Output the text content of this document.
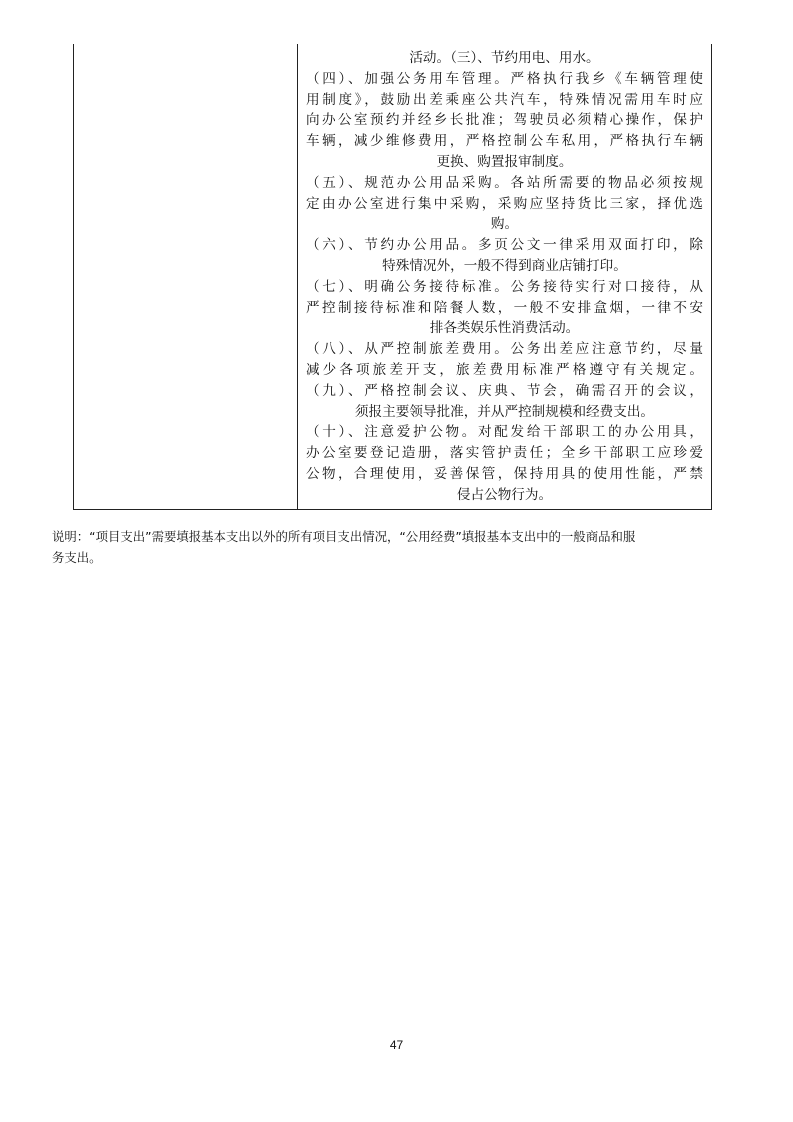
活动。（三）、节约用电、用水。
（四）、加强公务用车管理。严格执行我乡《车辆管理使
用制度》，鼓励出差乘座公共汽车，特殊情况需用车时应
向办公室预约并经乡长批准；驾驶员必须精心操作，保护
车辆，减少维修费用，严格控制公车私用，严格执行车辆
更换、购置报审制度。
（五）、规范办公用品采购。各站所需要的物品必须按规
定由办公室进行集中采购，采购应坚持货比三家，择优选
购。
（六）、节约办公用品。多页公文一律采用双面打印，除
特殊情况外，一般不得到商业店铺打印。
（七）、明确公务接待标准。公务接待实行对口接待，从
严控制接待标准和陪餐人数，一般不安排盒烟，一律不安
排各类娱乐性消费活动。
（八）、从严控制旅差费用。公务出差应注意节约，尽量
减少各项旅差开支，旅差费用标准严格遵守有关规定。
（九）、严格控制会议、庆典、节会，确需召开的会议，
须报主要领导批准，并从严控制规模和经费支出。
（十）、注意爱护公物。对配发给干部职工的办公用具，
办公室要登记造册，落实管护责任；全乡干部职工应珍爱
公物，合理使用，妥善保管，保持用具的使用性能，严禁
侵占公物行为。
说明：“项目支出”需要填报基本支出以外的所有项目支出情况，“公用经费”填报基本支出中的一般商品和服
务支出。
47
